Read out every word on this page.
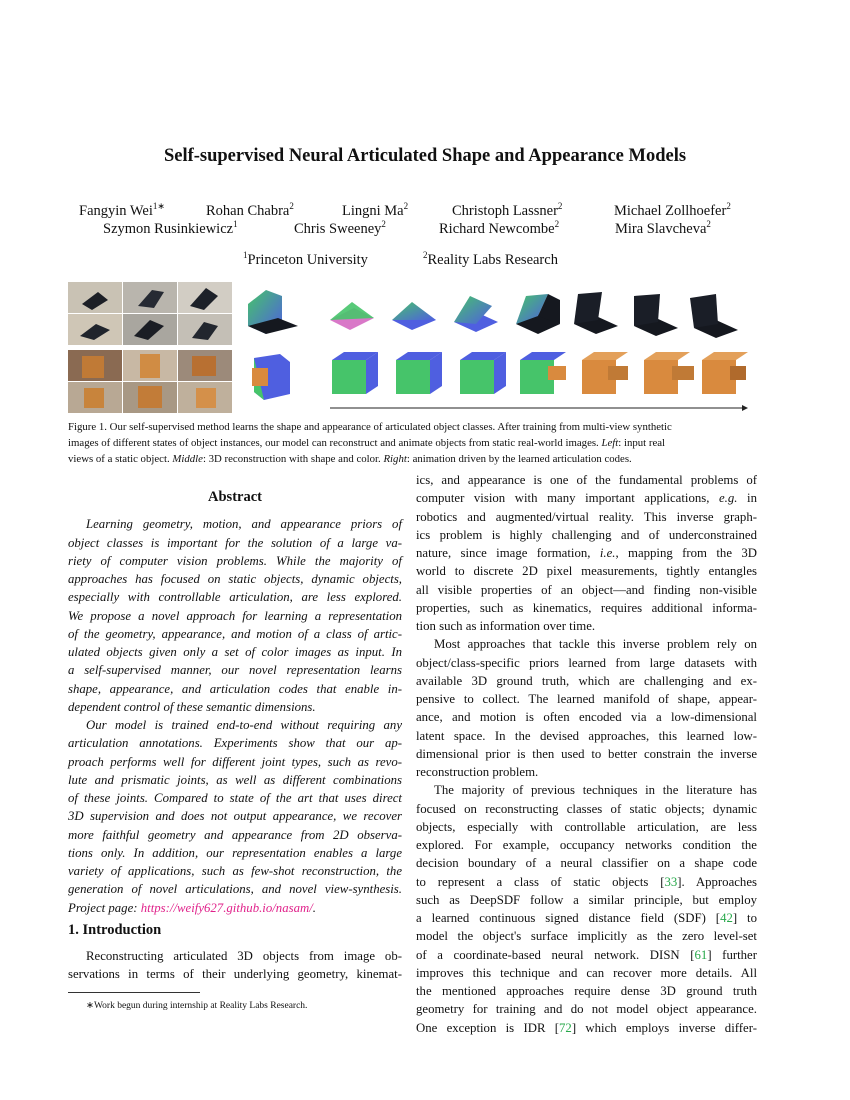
Self-supervised Neural Articulated Shape and Appearance Models
Fangyin Wei$^{1∗}$	Rohan Chabra$^2$	Lingni Ma$^2$	Christoph Lassner$^2$	Michael Zollhoefer$^2$
Szymon Rusinkiewicz$^1$	Chris Sweeney$^2$	Richard Newcombe$^2$	Mira Slavcheva$^2$
$^1$Princeton University	$^2$Reality Labs Research
Figure 1. Our self-supervised method learns the shape and appearance of articulated object classes. After training from multi-view synthetic
images of different states of object instances, our model can reconstruct and animate objects from static real-world images. Left: input real
views of a static object. Middle: 3D reconstruction with shape and color. Right: animation driven by the learned articulation codes.
Abstract
Learning geometry, motion, and appearance priors of
object classes is important for the solution of a large va-
riety of computer vision problems. While the majority of
approaches has focused on static objects, dynamic objects,
especially with controllable articulation, are less explored.
We propose a novel approach for learning a representation
of the geometry, appearance, and motion of a class of artic-
ulated objects given only a set of color images as input. In
a self-supervised manner, our novel representation learns
shape, appearance, and articulation codes that enable in-
dependent control of these semantic dimensions.
Our model is trained end-to-end without requiring any
articulation annotations. Experiments show that our ap-
proach performs well for different joint types, such as revo-
lute and prismatic joints, as well as different combinations
of these joints. Compared to state of the art that uses direct
3D supervision and does not output appearance, we recover
more faithful geometry and appearance from 2D observa-
tions only. In addition, our representation enables a large
variety of applications, such as few-shot reconstruction, the
generation of novel articulations, and novel view-synthesis.
Project page: https://weify627.github.io/nasam/.
1. Introduction
Reconstructing articulated 3D objects from image ob-
servations in terms of their underlying geometry, kinemat-
∗Work begun during internship at Reality Labs Research.
ics, and appearance is one of the fundamental problems of
computer vision with many important applications, e.g. in
robotics and augmented/virtual reality. This inverse graph-
ics problem is highly challenging and of underconstrained
nature, since image formation, i.e., mapping from the 3D
world to discrete 2D pixel measurements, tightly entangles
all visible properties of an object—and finding non-visible
properties, such as kinematics, requires additional informa-
tion such as information over time.
Most approaches that tackle this inverse problem rely on
object/class-specific priors learned from large datasets with
available 3D ground truth, which are challenging and ex-
pensive to collect. The learned manifold of shape, appear-
ance, and motion is often encoded via a low-dimensional
latent space. In the devised approaches, this learned low-
dimensional prior is then used to better constrain the inverse
reconstruction problem.
The majority of previous techniques in the literature has
focused on reconstructing classes of static objects; dynamic
objects, especially with controllable articulation, are less
explored. For example, occupancy networks condition the
decision boundary of a neural classifier on a shape code
to represent a class of static objects [33]. Approaches
such as DeepSDF follow a similar principle, but employ
a learned continuous signed distance field (SDF) [42] to
model the object's surface implicitly as the zero level-set
of a coordinate-based neural network. DISN [61] further
improves this technique and can recover more details. All
the mentioned approaches require dense 3D ground truth
geometry for training and do not model object appearance.
One exception is IDR [72] which employs inverse differ-
